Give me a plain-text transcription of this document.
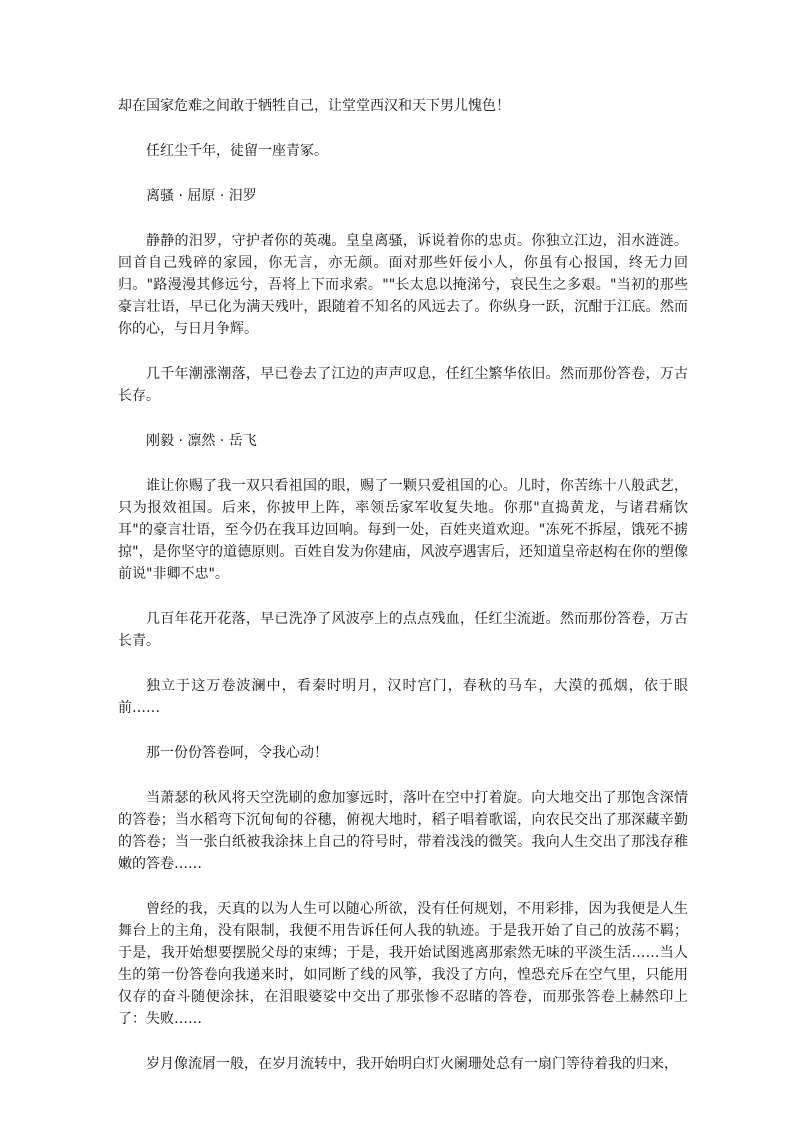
却在国家危难之间敢于牺牲自己，让堂堂西汉和天下男儿愧色！

任红尘千年，徒留一座青冢。

离骚 · 屈原 · 汨罗

静静的汨罗，守护者你的英魂。皇皇离骚，诉说着你的忠贞。你独立江边，泪水涟涟。回首自己残碎的家园，你无言，亦无颜。面对那些奸佞小人，你虽有心报国，终无力回归。"路漫漫其修远兮，吾将上下而求索。""长太息以掩涕兮，哀民生之多艰。"当初的那些豪言壮语，早已化为满天残叶，跟随着不知名的风远去了。你纵身一跃，沉酣于江底。然而你的心，与日月争辉。

几千年潮涨潮落，早已卷去了江边的声声叹息，任红尘繁华依旧。然而那份答卷，万古长存。

刚毅 · 凛然 · 岳飞

谁让你赐了我一双只看祖国的眼，赐了一颗只爱祖国的心。儿时，你苦练十八般武艺，只为报效祖国。后来，你披甲上阵，率领岳家军收复失地。你那"直捣黄龙，与诸君痛饮耳"的豪言壮语，至今仍在我耳边回响。每到一处，百姓夹道欢迎。"冻死不拆屋，饿死不掳掠"，是你坚守的道德原则。百姓自发为你建庙，风波亭遇害后，还知道皇帝赵构在你的塑像前说"非卿不忠"。

几百年花开花落，早已洗净了风波亭上的点点残血，任红尘流逝。然而那份答卷，万古长青。

独立于这万卷波澜中，看秦时明月，汉时宫门，春秋的马车，大漠的孤烟，依于眼前……

那一份份答卷呵，令我心动！

当萧瑟的秋风将天空洗刷的愈加寥远时，落叶在空中打着旋。向大地交出了那饱含深情的答卷；当水稻弯下沉甸甸的谷穗，俯视大地时，稻子唱着歌谣，向农民交出了那深藏辛勤的答卷；当一张白纸被我涂抹上自己的符号时，带着浅浅的微笑。我向人生交出了那浅存稚嫩的答卷……

曾经的我，天真的以为人生可以随心所欲，没有任何规划，不用彩排，因为我便是人生舞台上的主角，没有限制，我便不用告诉任何人我的轨迹。于是我开始了自己的放荡不羁；于是，我开始想要摆脱父母的束缚；于是，我开始试图逃离那索然无味的平淡生活……当人生的第一份答卷向我递来时，如同断了线的风筝，我没了方向，惶恐充斥在空气里，只能用仅存的奋斗随便涂抹，在泪眼婆娑中交出了那张惨不忍睹的答卷，而那张答卷上赫然印上了：失败……

岁月像流屑一般，在岁月流转中，我开始明白灯火阑珊处总有一扇门等待着我的归来，
